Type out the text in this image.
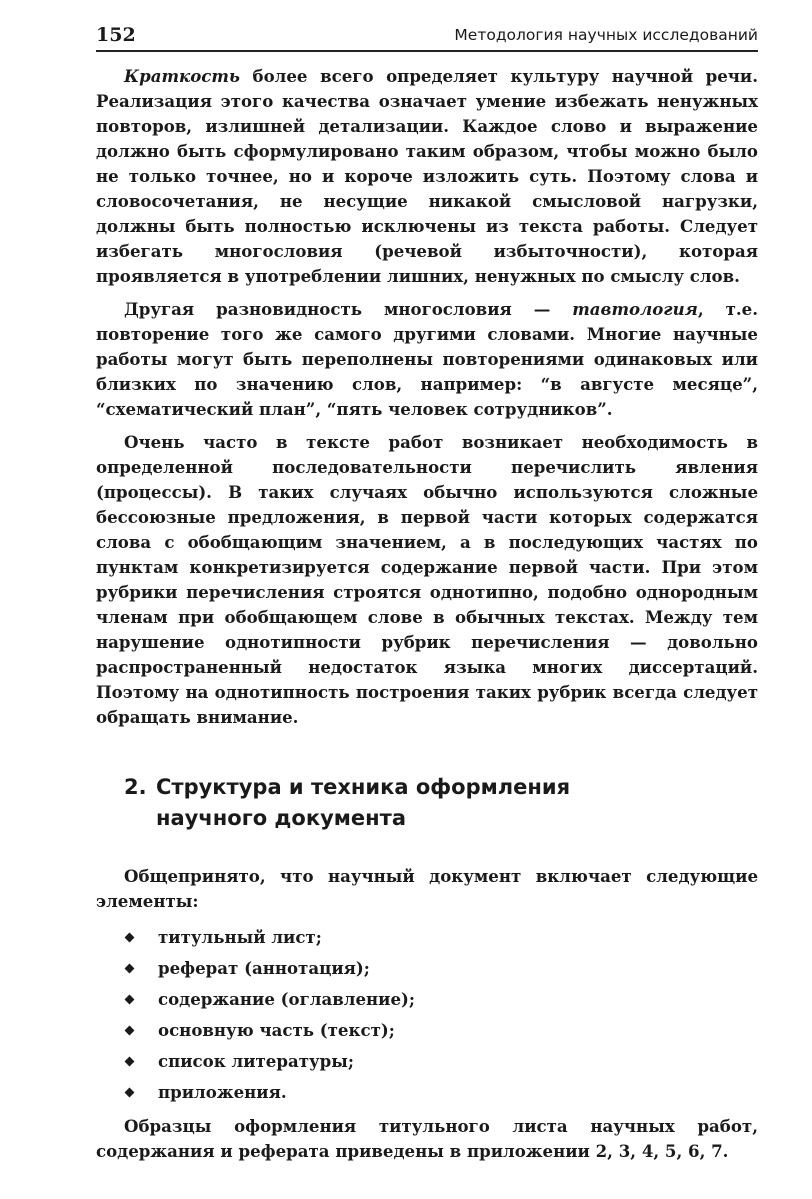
152	Методология научных исследований

Краткость более всего определяет культуру научной речи. Реализация этого качества означает умение избежать ненужных повторов, излишней детализации. Каждое слово и выражение должно быть сформулировано таким образом, чтобы можно было не только точнее, но и короче изложить суть. Поэтому слова и словосочетания, не несущие никакой смысловой нагрузки, должны быть полностью исключены из текста работы. Следует избегать многословия (речевой избыточности), которая проявляется в употреблении лишних, ненужных по смыслу слов.

Другая разновидность многословия — тавтология, т.е. повторение того же самого другими словами. Многие научные работы могут быть переполнены повторениями одинаковых или близких по значению слов, например: “в августе месяце”, “схематический план”, “пять человек сотрудников”.

Очень часто в тексте работ возникает необходимость в определенной последовательности перечислить явления (процессы). В таких случаях обычно используются сложные бессоюзные предложения, в первой части которых содержатся слова с обобщающим значением, а в последующих частях по пунктам конкретизируется содержание первой части. При этом рубрики перечисления строятся однотипно, подобно однородным членам при обобщающем слове в обычных текстах. Между тем нарушение однотипности рубрик перечисления — довольно распространенный недостаток языка многих диссертаций. Поэтому на однотипность построения таких рубрик всегда следует обращать внимание.

2. Структура и техника оформления
научного документа

Общепринято, что научный документ включает следующие элементы:

титульный лист;
реферат (аннотация);
содержание (оглавление);
основную часть (текст);
список литературы;
приложения.

Образцы оформления титульного листа научных работ, содержания и реферата приведены в приложении 2, 3, 4, 5, 6, 7.
